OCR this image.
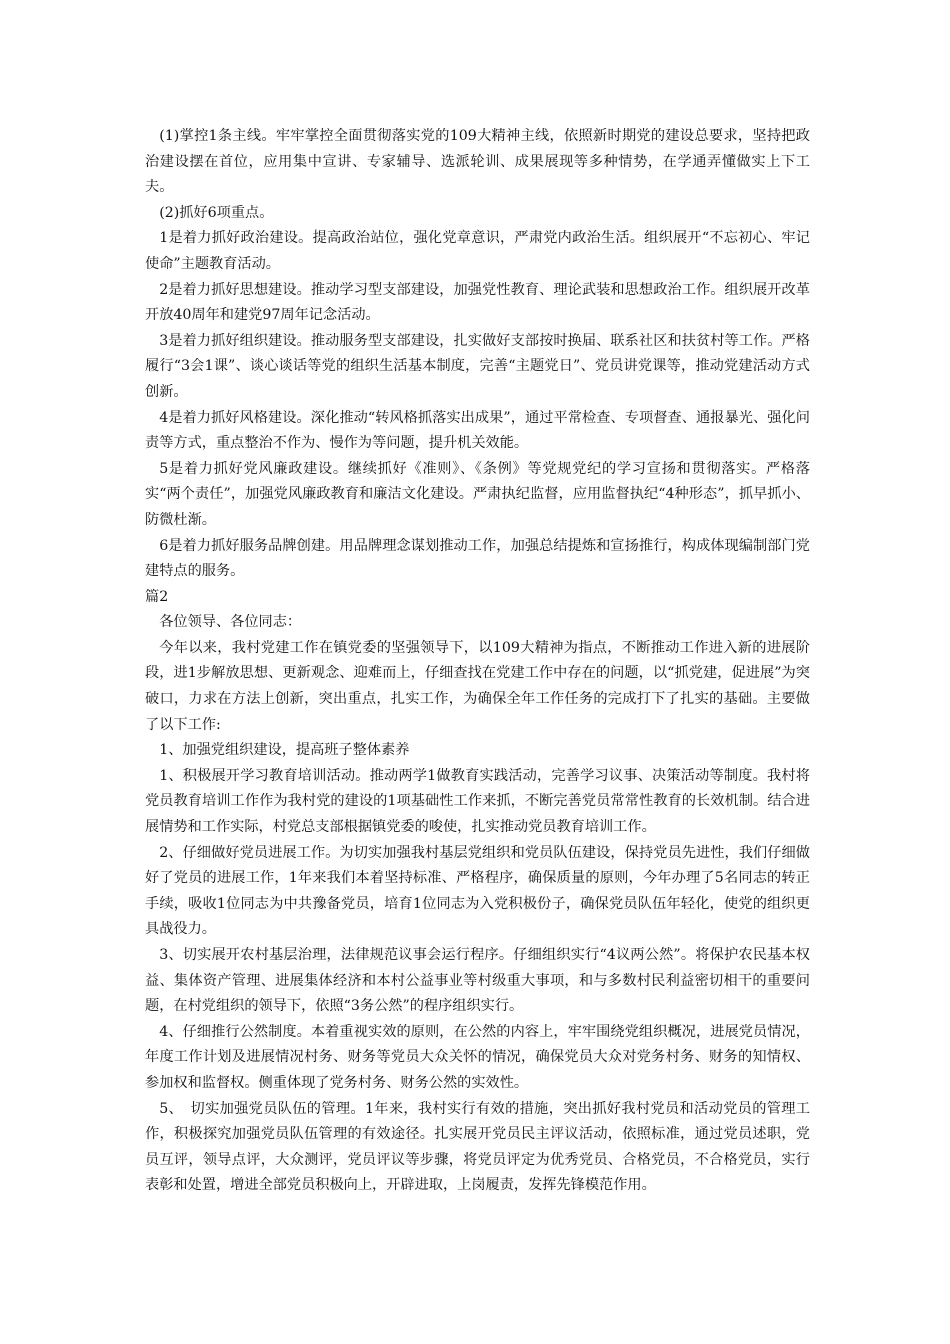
(1)掌控1条主线。牢牢掌控全面贯彻落实党的109大精神主线，依照新时期党的建设总要求，坚持把政治建设摆在首位，应用集中宣讲、专家辅导、选派轮训、成果展现等多种情势，在学通弄懂做实上下工夫。

(2)抓好6项重点。

1是着力抓好政治建设。提高政治站位，强化党章意识，严肃党内政治生活。组织展开“不忘初心、牢记使命”主题教育活动。

2是着力抓好思想建设。推动学习型支部建设，加强党性教育、理论武装和思想政治工作。组织展开改革开放40周年和建党97周年记念活动。

3是着力抓好组织建设。推动服务型支部建设，扎实做好支部按时换届、联系社区和扶贫村等工作。严格履行“3会1课”、谈心谈话等党的组织生活基本制度，完善“主题党日”、党员讲党课等，推动党建活动方式创新。

4是着力抓好风格建设。深化推动“转风格抓落实出成果”，通过平常检查、专项督查、通报暴光、强化问责等方式，重点整治不作为、慢作为等问题，提升机关效能。

5是着力抓好党风廉政建设。继续抓好《准则》、《条例》等党规党纪的学习宣扬和贯彻落实。严格落实“两个责任”，加强党风廉政教育和廉洁文化建设。严肃执纪监督，应用监督执纪“4种形态”，抓早抓小、防微杜渐。

6是着力抓好服务品牌创建。用品牌理念谋划推动工作，加强总结提炼和宣扬推行，构成体现编制部门党建特点的服务。

篇2

各位领导、各位同志：

今年以来，我村党建工作在镇党委的坚强领导下，以109大精神为指点，不断推动工作进入新的进展阶段，进1步解放思想、更新观念、迎难而上，仔细查找在党建工作中存在的问题，以“抓党建，促进展”为突破口，力求在方法上创新，突出重点，扎实工作，为确保全年工作任务的完成打下了扎实的基础。主要做了以下工作:

1、加强党组织建设，提高班子整体素养

1、积极展开学习教育培训活动。推动两学1做教育实践活动，完善学习议事、决策活动等制度。我村将党员教育培训工作作为我村党的建设的1项基础性工作来抓，不断完善党员常常性教育的长效机制。结合进展情势和工作实际，村党总支部根据镇党委的唆使，扎实推动党员教育培训工作。

2、仔细做好党员进展工作。为切实加强我村基层党组织和党员队伍建设，保持党员先进性，我们仔细做好了党员的进展工作，1年来我们本着坚持标准、严格程序，确保质量的原则，今年办理了5名同志的转正手续，吸收1位同志为中共豫备党员，培育1位同志为入党积极份子，确保党员队伍年轻化，使党的组织更具战役力。

3、切实展开农村基层治理，法律规范议事会运行程序。仔细组织实行“4议两公然”。将保护农民基本权益、集体资产管理、进展集体经济和本村公益事业等村级重大事项，和与多数村民利益密切相干的重要问题，在村党组织的领导下，依照“3务公然”的程序组织实行。

4、仔细推行公然制度。本着重视实效的原则，在公然的内容上，牢牢围绕党组织概况，进展党员情况，年度工作计划及进展情况村务、财务等党员大众关怀的情况，确保党员大众对党务村务、财务的知情权、参加权和监督权。侧重体现了党务村务、财务公然的实效性。

5、　切实加强党员队伍的管理。1年来，我村实行有效的措施，突出抓好我村党员和活动党员的管理工作，积极探究加强党员队伍管理的有效途径。扎实展开党员民主评议活动，依照标准，通过党员述职，党员互评，领导点评，大众测评，党员评议等步骤，将党员评定为优秀党员、合格党员，不合格党员，实行表彰和处置，增进全部党员积极向上，开辟进取，上岗履责，发挥先锋模范作用。
